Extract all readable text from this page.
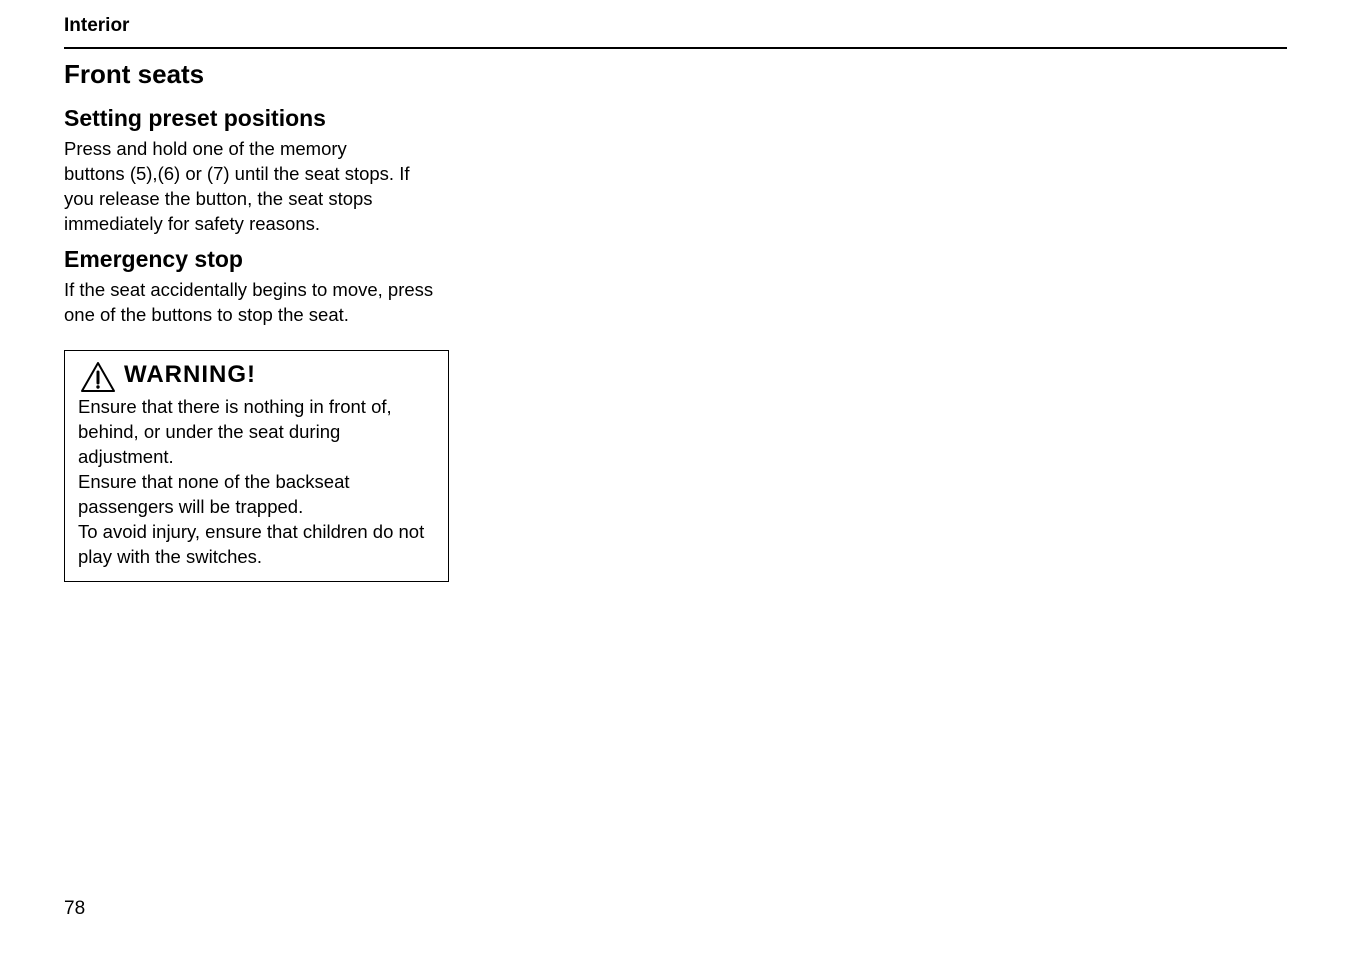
Interior
Front seats
Setting preset positions

Press and hold one of the memory
buttons (5),(6) or (7) until the seat stops. If
you release the button, the seat stops
immediately for safety reasons.

Emergency stop

If the seat accidentally begins to move, press
one of the buttons to stop the seat.

WARNING!

Ensure that there is nothing in front of,
behind, or under the seat during
adjustment.
Ensure that none of the backseat
passengers will be trapped.
To avoid injury, ensure that children do not
play with the switches.

78
